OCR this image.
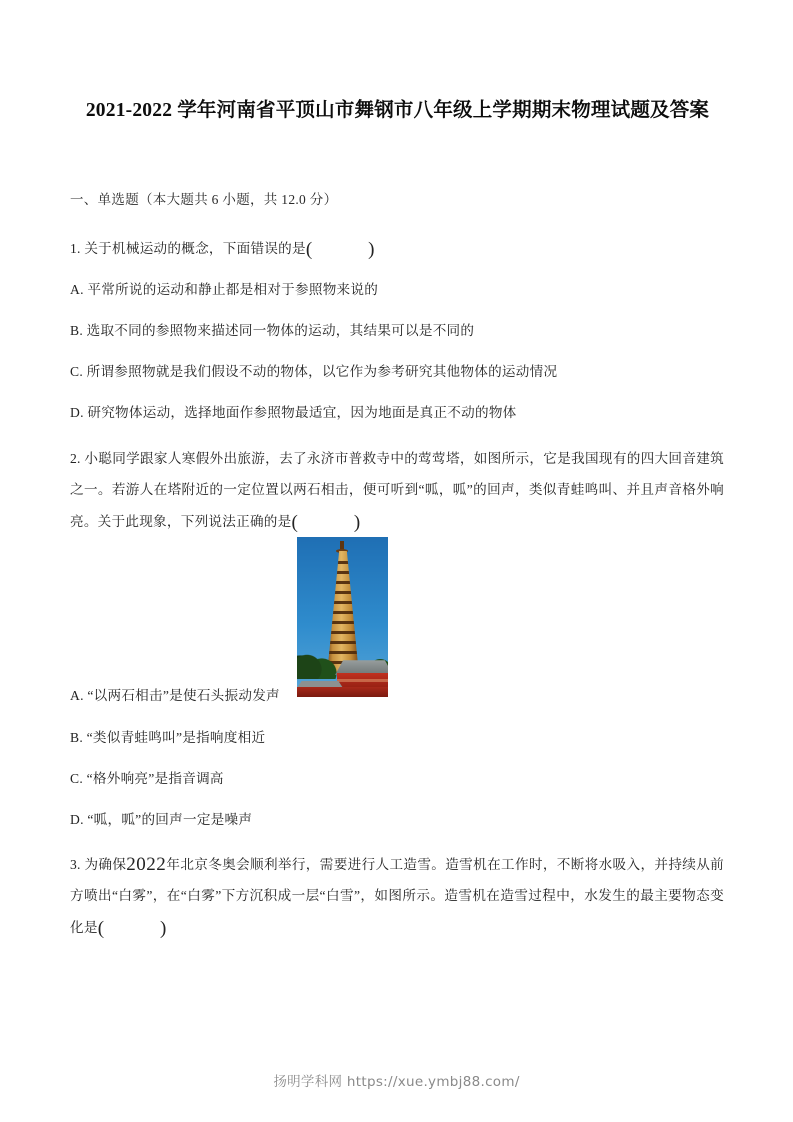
2021-2022 学年河南省平顶山市舞钢市八年级上学期期末物理试题及答案
一、单选题（本大题共 6 小题，共 12.0 分）
1. 关于机械运动的概念，下面错误的是(	)
A. 平常所说的运动和静止都是相对于参照物来说的
B. 选取不同的参照物来描述同一物体的运动，其结果可以是不同的
C. 所谓参照物就是我们假设不动的物体，以它作为参考研究其他物体的运动情况
D. 研究物体运动，选择地面作参照物最适宜，因为地面是真正不动的物体
2. 小聪同学跟家人寒假外出旅游，去了永济市普救寺中的莺莺塔，如图所示，它是我国现有的四大回音建筑之一。若游人在塔附近的一定位置以两石相击，便可听到“呱，呱”的回声，类似青蛙鸣叫、并且声音格外响亮。关于此现象，下列说法正确的是(	)
A. “以两石相击”是使石头振动发声
B. “类似青蛙鸣叫”是指响度相近
C. “格外响亮”是指音调高
D. “呱，呱”的回声一定是噪声
3. 为确保2022年北京冬奥会顺利举行，需要进行人工造雪。造雪机在工作时，不断将水吸入，并持续从前方喷出“白雾”，在“白雾”下方沉积成一层“白雪”，如图所示。造雪机在造雪过程中，水发生的最主要物态变化是(	)
扬明学科网 https://xue.ymbj88.com/
